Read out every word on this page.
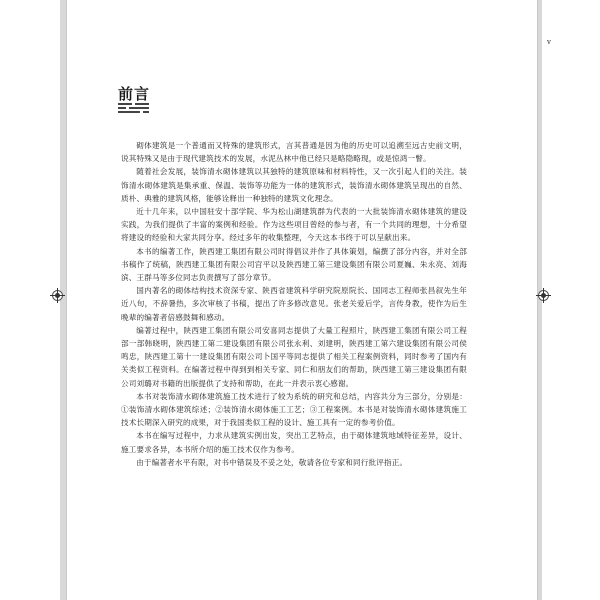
v
前言

砌体建筑是一个普通而又特殊的建筑形式，言其普通是因为他的历史可以追溯至远古史前文明，说其特殊又是由于现代建筑技术的发展，水泥丛林中他已经只是略隐略现，或是惊鸿一瞥。

随着社会发展，装饰清水砌体建筑以其独特的建筑原味和材料特性，又一次引起人们的关注。装饰清水砌体建筑是集承重、保温、装饰等功能为一体的建筑形式，装饰清水砌体建筑呈现出的自然、质朴、典雅的建筑风格，能够诠释出一种独特的建筑文化理念。

近十几年来，以中国驻安十部学院、华为松山湖建筑群为代表的一大批装饰清水砌体建筑的建设实践，为我们提供了丰富的案例和经验。作为这些项目曾经的参与者，有一个共同的理想，十分希望将建设的经验和大家共同分享。经过多年的收集整理，今天这本书终于可以呈献出来。

本书的编著工作，陕西建工集团有限公司时得倡议并作了具体策划，编撰了部分内容，并对全部书稿作了统稿，陕西建工集团有限公司宫平以及陕西建工第三建设集团有限公司夏巍、朱永亮、刘海滨、王群马等多位同志负责撰写了部分章节。

国内著名的砌体结构技术资深专家、陕西省建筑科学研究院原院长、国同志工程师张昌叙先生年近八旬，不辞暑热，多次审核了书稿，提出了许多修改意见。张老关爱后学，言传身教，使作为后生晚辈的编著者倍感鼓舞和感动。

编著过程中，陕西建工集团有限公司安喜同志提供了大量工程照片，陕西建工集团有限公司工程部一部韩晓明，陕西建工第二建设集团有限公司张永利、刘建明，陕西建工第六建设集团有限公司侯鸣忠，陕西建工第十一建设集团有限公司卜国平等同志提供了相关工程案例资料，同时参考了国内有关类似工程资料。在编著过程中得到到相关专家、同仁和朋友们的帮助，陕西建工第三建设集团有限公司刘璐对书籍的出版提供了支持和帮助，在此一并表示衷心感谢。

本书对装饰清水砌体建筑施工技术进行了较为系统的研究和总结，内容共分为三部分，分别是：①装饰清水砌体建筑综述；②装饰清水砌体施工工艺；③工程案例。本书是对装饰清水砌体建筑施工技术长期深入研究的成果，对于我国类似工程的设计、施工具有一定的参考价值。

本书在编写过程中，力求从建筑实例出发，突出工艺特点，由于砌体建筑地域特征差异，设计、施工要求各异，本书所介绍的施工技术仅作为参考。

由于编著者水平有限，对书中错误及不妥之处，敬请各位专家和同行批评指正。
